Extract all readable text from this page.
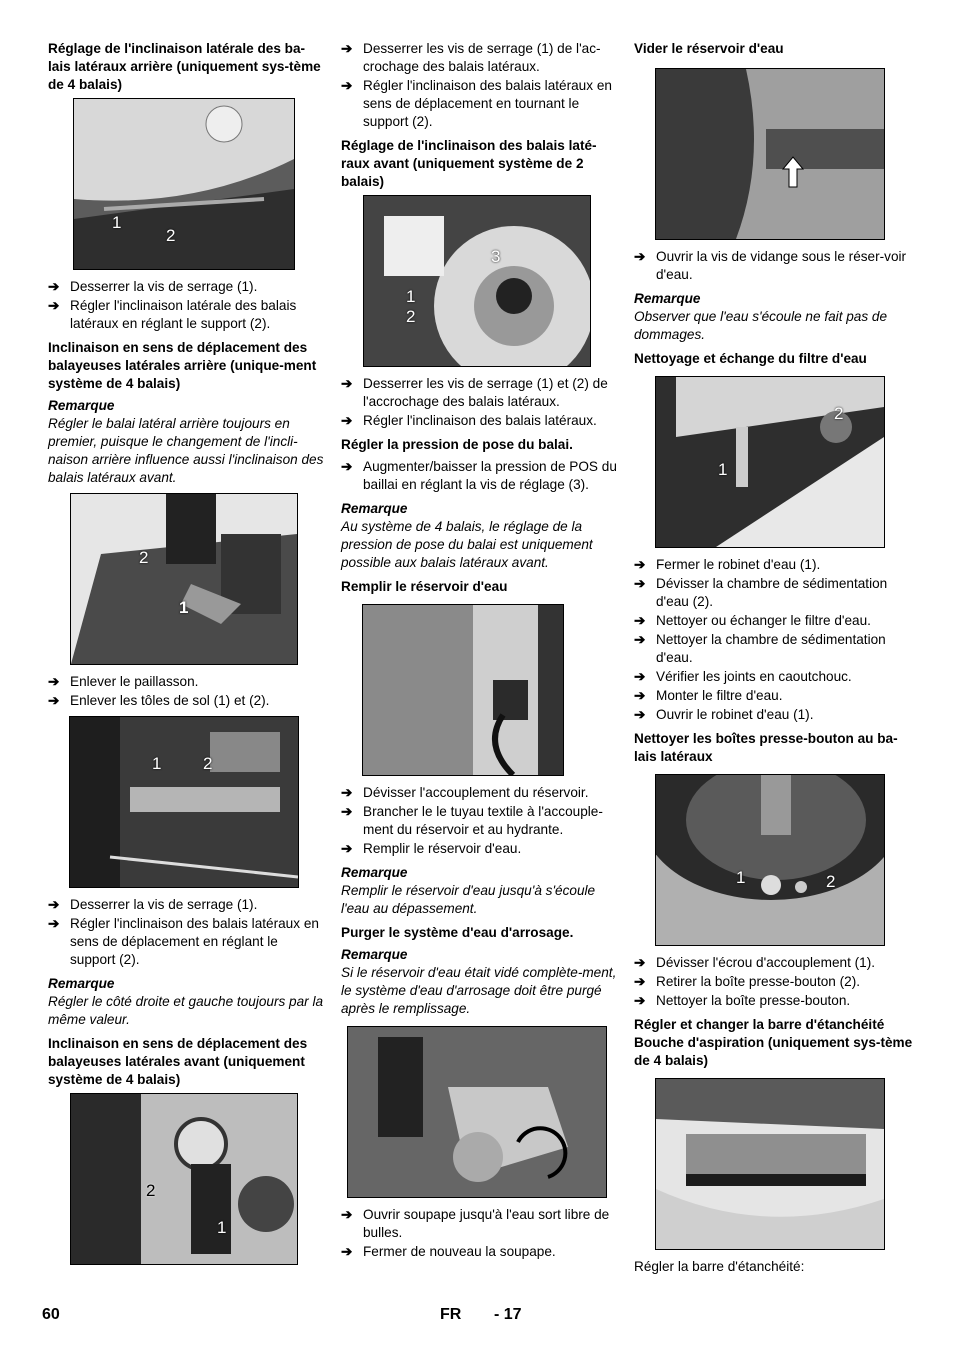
Réglage de l'inclinaison latérale des ba-lais latéraux arrière (uniquement sys-tème de 4 balais)
1
2
➔ Desserrer la vis de serrage (1).
➔ Régler l'inclinaison latérale des balais latéraux en réglant le support (2).
Inclinaison en sens de déplacement des balayeuses latérales arrière (unique-ment système de 4 balais)

Remarque

Régler le balai latéral arrière toujours en premier, puisque le changement de l'incli-naison arrière influence aussi l'inclinaison des balais latéraux avant.

2
1
➔ Enlever le paillasson.
➔ Enlever les tôles de sol (1) et (2).
1 2
➔ Desserrer la vis de serrage (1).
➔ Régler l'inclinaison des balais latéraux en sens de déplacement en réglant le support (2).

Remarque

Régler le côté droite et gauche toujours par la même valeur.

Inclinaison en sens de déplacement des balayeuses latérales avant (uniquement système de 4 balais)
2
1
➔ Desserrer les vis de serrage (1) de l'ac-crochage des balais latéraux.
➔ Régler l'inclinaison des balais latéraux en sens de déplacement en tournant le support (2).
Réglage de l'inclinaison des balais laté-raux avant (uniquement système de 2 balais)
3
1
2
➔ Desserrer les vis de serrage (1) et (2) de l'accrochage des balais latéraux.
➔ Régler l'inclinaison des balais latéraux.
Régler la pression de pose du balai.
➔ Augmenter/baisser la pression de POS du baillai en réglant la vis de réglage (3).

Remarque

Au système de 4 balais, le réglage de la pression de pose du balai est uniquement possible aux balais latéraux avant.

Remplir le réservoir d'eau
➔ Dévisser l'accouplement du réservoir.
➔ Brancher le le tuyau textile à l'accouple-ment du réservoir et au hydrante.
➔ Remplir le réservoir d'eau.

Remarque

Remplir le réservoir d'eau jusqu'à s'écoule l'eau au dépassement.

Purger le système d'eau d'arrosage.

Remarque

Si le réservoir d'eau était vidé complète-ment, le système d'eau d'arrosage doit être purgé après le remplissage.

➔ Ouvrir soupape jusqu'à l'eau sort libre de bulles.
➔ Fermer de nouveau la soupape.
Vider le réservoir d'eau
➔ Ouvrir la vis de vidange sous le réser-voir d'eau.

Remarque

Observer que l'eau s'écoule ne fait pas de dommages.

Nettoyage et échange du filtre d'eau
2
1
➔ Fermer le robinet d'eau (1).
➔ Dévisser la chambre de sédimentation d'eau (2).
➔ Nettoyer ou échanger le filtre d'eau.
➔ Nettoyer la chambre de sédimentation d'eau.
➔ Vérifier les joints en caoutchouc.
➔ Monter le filtre d'eau.
➔ Ouvrir le robinet d'eau (1).
Nettoyer les boîtes presse-bouton au ba-lais latéraux
1	2
➔ Dévisser l'écrou d'accouplement (1).
➔ Retirer la boîte presse-bouton (2).
➔ Nettoyer la boîte presse-bouton.
Régler et changer la barre d'étanchéité Bouche d'aspiration (uniquement sys-tème de 4 balais)

Régler la barre d'étanchéité:

60	FR - 17
